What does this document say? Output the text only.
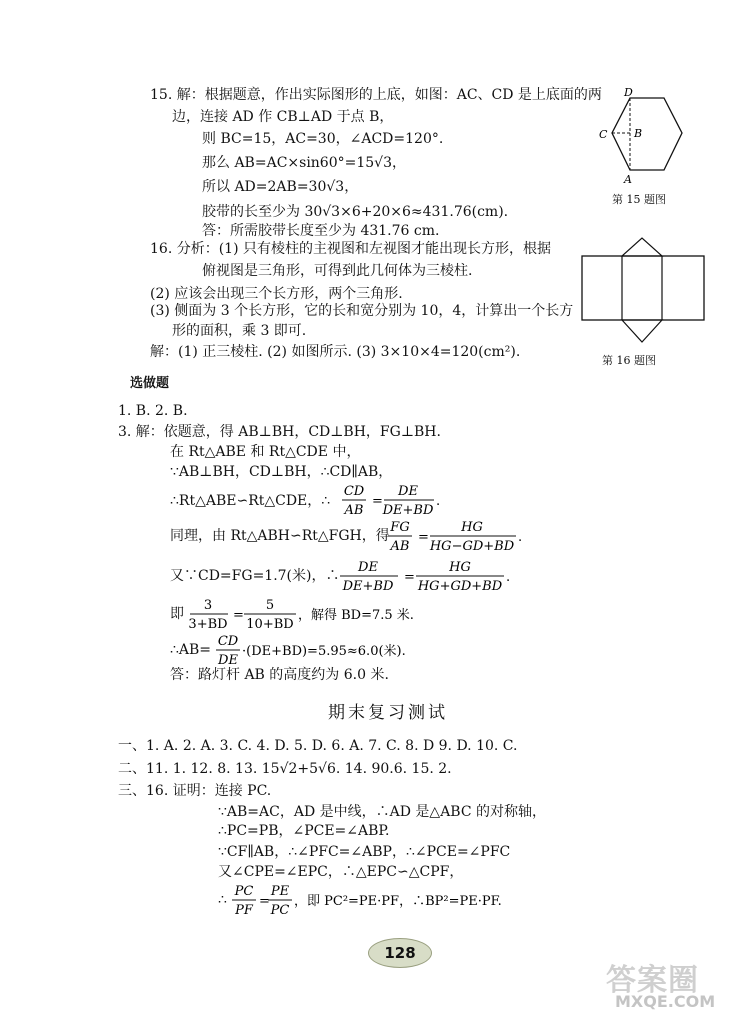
15. 解：根据题意，作出实际图形的上底，如图：AC、CD 是上底面的两
边，连接 AD 作 CB⊥AD 于点 B，
则 BC=15，AC=30，∠ACD=120°.
那么 AB=AC×sin60°=15√3，
所以 AD=2AB=30√3，
胶带的长至少为 30√3×6+20×6≈431.76(cm).
答：所需胶带长度至少为 431.76 cm.
D
C B
A
第 15 题图
16. 分析：(1) 只有棱柱的主视图和左视图才能出现长方形，根据
俯视图是三角形，可得到此几何体为三棱柱.
(2) 应该会出现三个长方形，两个三角形.
(3) 侧面为 3 个长方形，它的长和宽分别为 10，4，计算出一个长方
形的面积，乘 3 即可.
解：(1) 正三棱柱. (2) 如图所示. (3) 3×10×4=120(cm²).
第 16 题图
选做题
1. B. 2. B.
3. 解：依题意，得 AB⊥BH，CD⊥BH，FG⊥BH.
在 Rt△ABE 和 Rt△CDE 中，
∵AB⊥BH，CD⊥BH，∴CD∥AB，
∴Rt△ABE∽Rt△CDE，∴
CD
AB
=
DE
DE+BD
.
同理，由 Rt△ABH∽Rt△FGH，得
FG
AB
=
HG
HG−GD+BD
.
又∵CD=FG=1.7(米)，∴
DE
DE+BD
=
HG
HG+GD+BD
.
即
3
3+BD
=
5
10+BD
，解得 BD=7.5 米.
∴AB=
CD
DE
·(DE+BD)=5.95≈6.0(米).
答：路灯杆 AB 的高度约为 6.0 米.
期末复习测试
一、1. A. 2. A. 3. C. 4. D. 5. D. 6. A. 7. C. 8. D 9. D. 10. C.
二、11. 1. 12. 8. 13. 15√2+5√6. 14. 90.6. 15. 2.
三、16. 证明：连接 PC.
∵AB=AC，AD 是中线，∴AD 是△ABC 的对称轴，
∴PC=PB，∠PCE=∠ABP.
∵CF∥AB，∴∠PFC=∠ABP，∴∠PCE=∠PFC
又∠CPE=∠EPC，∴△EPC∽△CPF，
∴
PC
PF
=
PE
PC
，即 PC²=PE·PF，∴BP²=PE·PF.
128
答案圈
MXQE.COM
